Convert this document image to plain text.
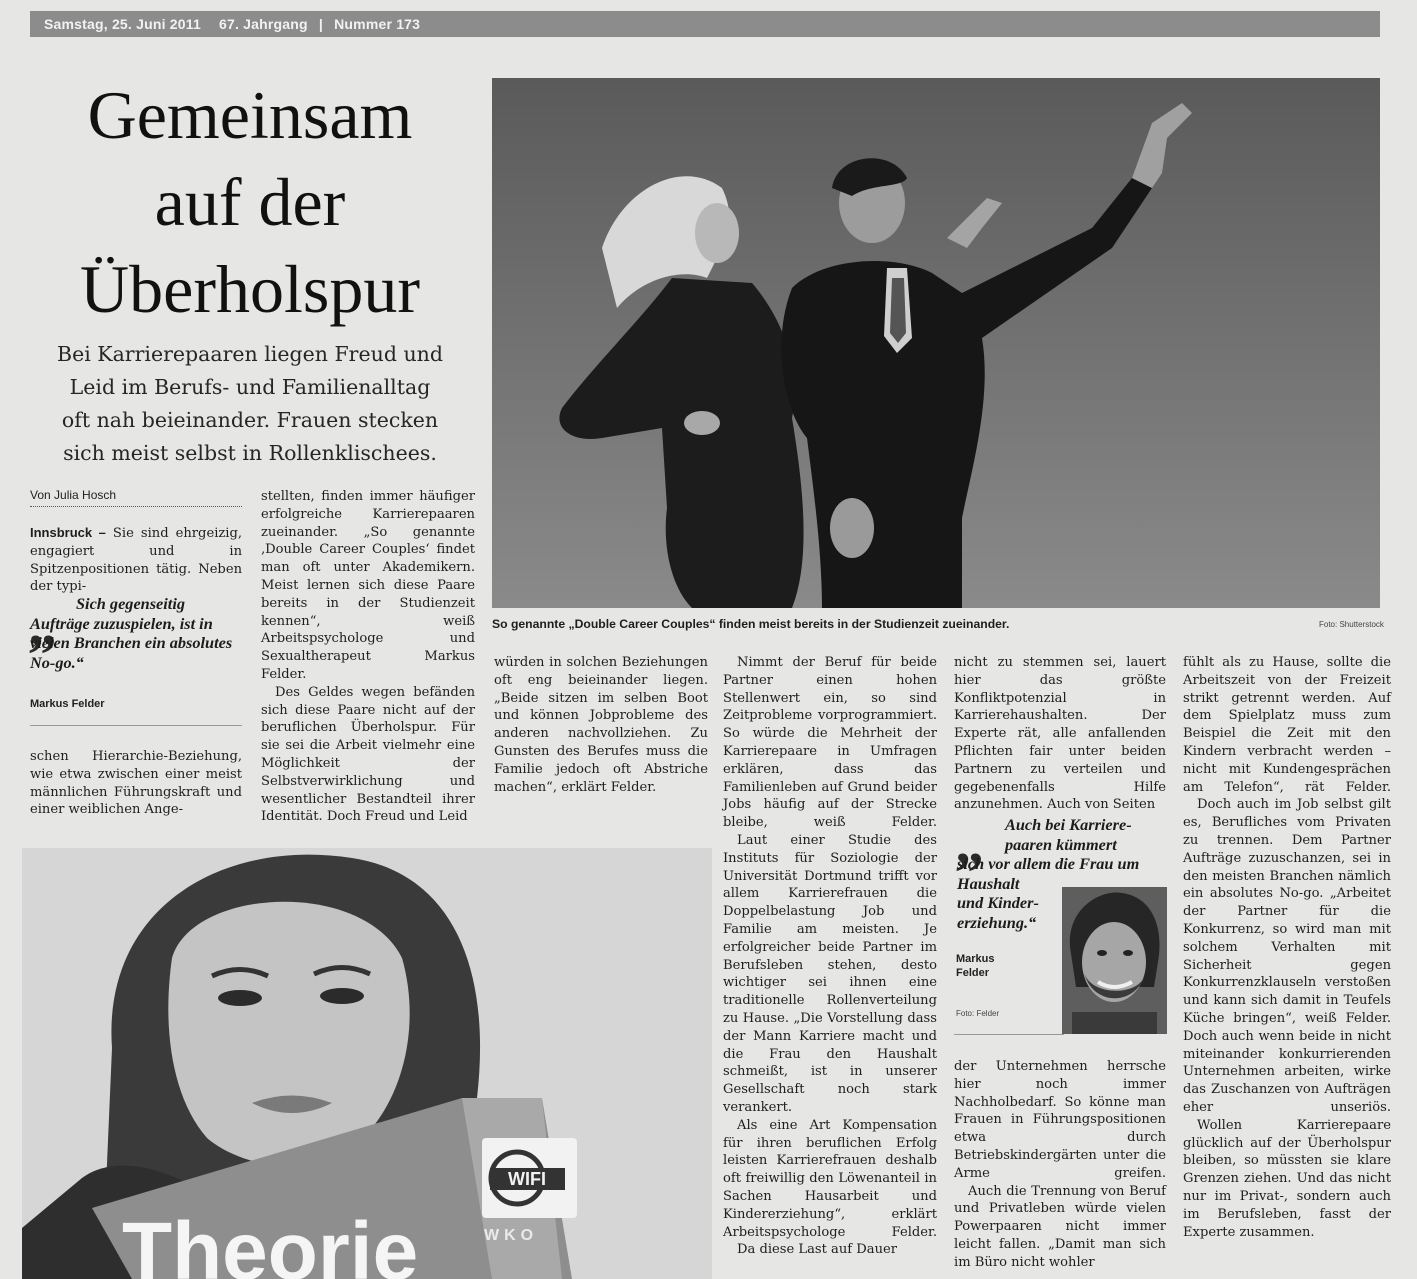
Samstag, 25. Juni 2011 67. Jahrgang | Nummer 173
Gemeinsam
auf der
Überholspur
Bei Karrierepaaren liegen Freud und
Leid im Berufs- und Familienalltag
oft nah beieinander. Frauen stecken
sich meist selbst in Rollenklischees.
So genannte „Double Career Couples“ finden meist bereits in der Studienzeit zueinander.	Foto: Shutterstock
Von Julia Hosch

Innsbruck – Sie sind ehrgeizig, engagiert und in Spitzenpositionen tätig. Neben der typi-

„	Sich gegenseitig Aufträge zuzuspielen, ist in vielen Branchen ein absolutes No-go.“
Markus Felder

schen Hierarchie-Beziehung, wie etwa zwischen einer meist männlichen Führungskraft und einer weiblichen Ange-

stellten, finden immer häufiger erfolgreiche Karrierepaaren zueinander. „So genannte ‚Double Career Couples‘ findet man oft unter Akademikern. Meist lernen sich diese Paare bereits in der Studienzeit kennen“, weiß Arbeitspsychologe und Sexualtherapeut Markus Felder.

Des Geldes wegen befänden sich diese Paare nicht auf der beruflichen Überholspur. Für sie sei die Arbeit vielmehr eine Möglichkeit der Selbstverwirklichung und wesentlicher Bestandteil ihrer Identität. Doch Freud und Leid

würden in solchen Beziehungen oft eng beieinander liegen. „Beide sitzen im selben Boot und können Jobprobleme des anderen nachvollziehen. Zu Gunsten des Berufes muss die Familie jedoch oft Abstriche machen“, erklärt Felder.

Nimmt der Beruf für beide Partner einen hohen Stellenwert ein, so sind Zeitprobleme vorprogrammiert. So würde die Mehrheit der Karrierepaare in Umfragen erklären, dass das Familienleben auf Grund beider Jobs häufig auf der Strecke bleibe, weiß Felder.

Laut einer Studie des Instituts für Soziologie der Universität Dortmund trifft vor allem Karrierefrauen die Doppelbelastung Job und Familie am meisten. Je erfolgreicher beide Partner im Berufsleben stehen, desto wichtiger sei ihnen eine traditionelle Rollenverteilung zu Hause. „Die Vorstellung dass der Mann Karriere macht und die Frau den Haushalt schmeißt, ist in unserer Gesellschaft noch stark verankert.

Als eine Art Kompensation für ihren beruflichen Erfolg leisten Karrierefrauen deshalb oft freiwillig den Löwenanteil in Sachen Hausarbeit und Kindererziehung“, erklärt Arbeitspsychologe Felder.

Da diese Last auf Dauer

nicht zu stemmen sei, lauert hier das größte Konfliktpotenzial in Karrierehaushalten. Der Experte rät, alle anfallenden Pflichten fair unter beiden Partnern zu verteilen und gegebenenfalls Hilfe anzunehmen. Auch von Seiten

„	Auch bei Karriere-
paaren kümmert
sich vor allem die Frau um
Haushalt
und Kinder-
erziehung.“
Markus
Felder
Foto: Felder

der Unternehmen herrsche hier noch immer Nachholbedarf. So könne man Frauen in Führungspositionen etwa durch Betriebskindergärten unter die Arme greifen.

Auch die Trennung von Beruf und Privatleben würde vielen Powerpaaren nicht immer leicht fallen. „Damit man sich im Büro nicht wohler

fühlt als zu Hause, sollte die Arbeitszeit von der Freizeit strikt getrennt werden. Auf dem Spielplatz muss zum Beispiel die Zeit mit den Kindern verbracht werden – nicht mit Kundengesprächen am Telefon“, rät Felder.

Doch auch im Job selbst gilt es, Berufliches vom Privaten zu trennen. Dem Partner Aufträge zuzuschanzen, sei in den meisten Branchen nämlich ein absolutes No-go. „Arbeitet der Partner für die Konkurrenz, so wird man mit solchem Verhalten mit Sicherheit gegen Konkurrenzklauseln verstoßen und kann sich damit in Teufels Küche bringen“, weiß Felder. Doch auch wenn beide in nicht miteinander konkurrierenden Unternehmen arbeiten, wirke das Zuschanzen von Aufträgen eher unseriös.

Wollen Karrierepaare glücklich auf der Überholspur bleiben, so müssten sie klare Grenzen ziehen. Und das nicht nur im Privat-, sondern auch im Berufsleben, fasst der Experte zusammen.

WIFI
WKO
Theorie
